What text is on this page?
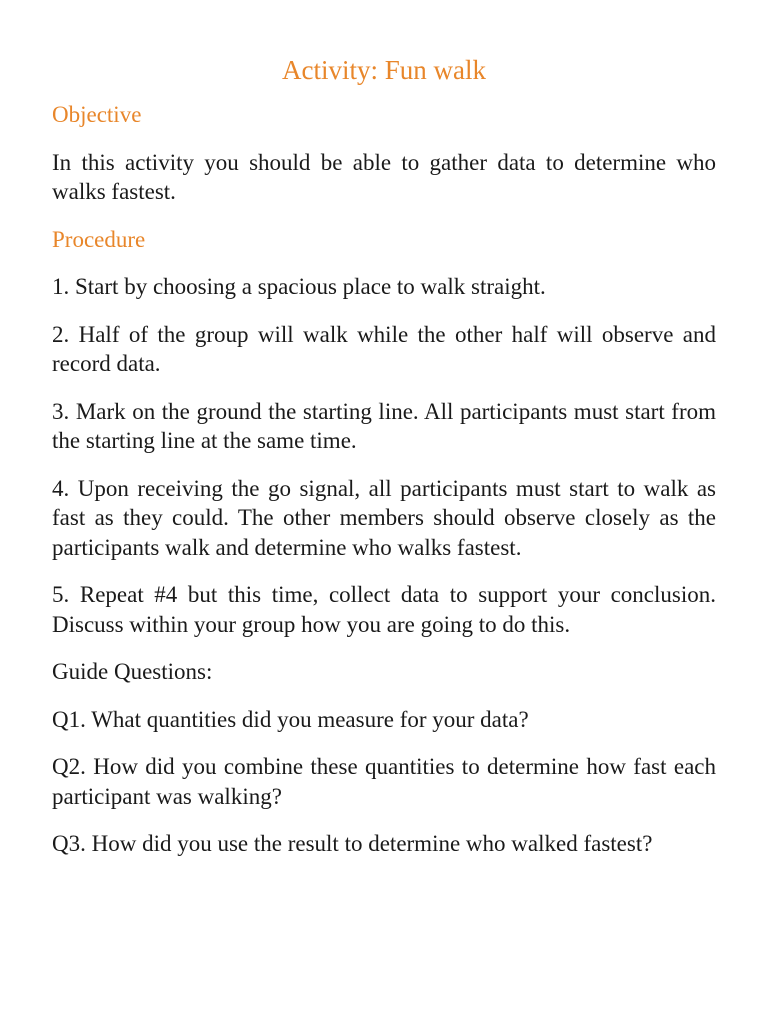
Activity: Fun walk
Objective
In this activity you should be able to gather data to determine who walks fastest.
Procedure
1. Start by choosing a spacious place to walk straight.
2. Half of the group will walk while the other half will observe and record data.
3. Mark on the ground the starting line. All participants must start from the starting line at the same time.
4. Upon receiving the go signal, all participants must start to walk as fast as they could. The other members should observe closely as the participants walk and determine who walks fastest.
5. Repeat #4 but this time, collect data to support your conclusion. Discuss within your group how you are going to do this.
Guide Questions:
Q1. What quantities did you measure for your data?
Q2. How did you combine these quantities to determine how fast each participant was walking?
Q3. How did you use the result to determine who walked fastest?
